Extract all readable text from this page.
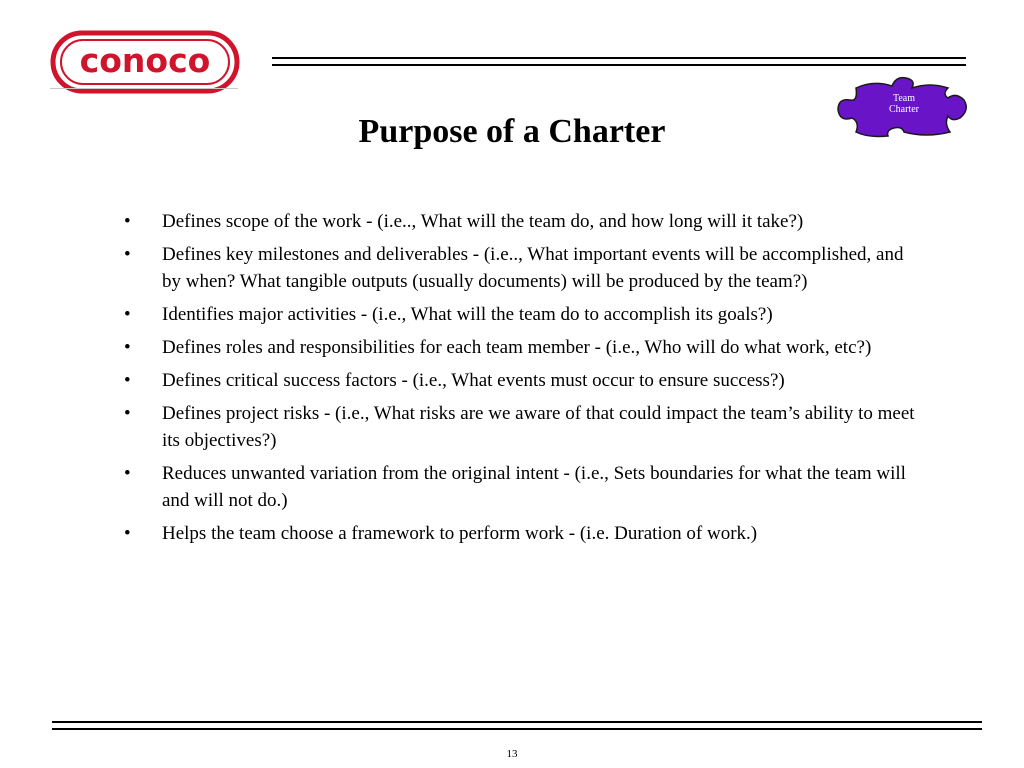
conoco
Team
Charter
Purpose of a Charter
• Defines scope of the work - (i.e.., What will the team do, and how long will it take?)
• Defines key milestones and deliverables - (i.e.., What important events will be accomplished, and by when? What tangible outputs (usually documents) will be produced by the team?)
• Identifies major activities - (i.e., What will the team do to accomplish its goals?)
• Defines roles and responsibilities for each team member - (i.e., Who will do what work, etc?)
• Defines critical success factors - (i.e., What events must occur to ensure success?)
• Defines project risks - (i.e., What risks are we aware of that could impact the team’s ability to meet its objectives?)
• Reduces unwanted variation from the original intent - (i.e., Sets boundaries for what the team will and will not do.)
• Helps the team choose a framework to perform work - (i.e. Duration of work.)
13
